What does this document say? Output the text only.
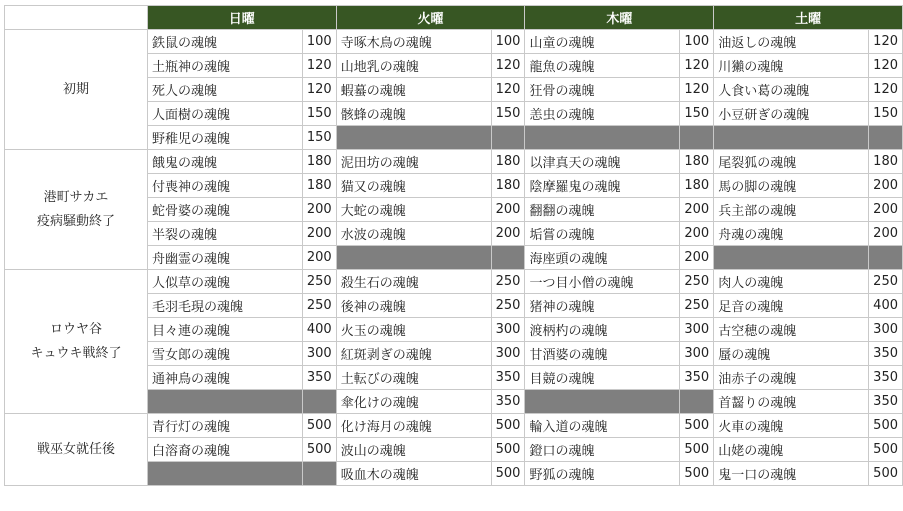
	日曜		火曜		木曜		土曜	

初期	鉄鼠の魂魄	100	寺啄木鳥の魂魄	100	山童の魂魄	100	油返しの魂魄	120
	土瓶神の魂魄	120	山地乳の魂魄	120	龍魚の魂魄	120	川獺の魂魄	120
	死人の魂魄	120	蝦蟇の魂魄	120	狂骨の魂魄	120	人食い葛の魂魄	120
	人面樹の魂魄	150	骸蜂の魂魄	150	恙虫の魂魄	150	小豆研ぎの魂魄	150
	野稚児の魂魄	150						

港町サカエ
疫病騒動終了	餓鬼の魂魄	180	泥田坊の魂魄	180	以津真天の魂魄	180	尾裂狐の魂魄	180
	付喪神の魂魄	180	猫又の魂魄	180	陰摩羅鬼の魂魄	180	馬の脚の魂魄	200
	蛇骨婆の魂魄	200	大蛇の魂魄	200	翻翻の魂魄	200	兵主部の魂魄	200
	半裂の魂魄	200	水波の魂魄	200	垢嘗の魂魄	200	舟魂の魂魄	200
	舟幽霊の魂魄	200			海座頭の魂魄	200		

ロウヤ谷
キュウキ戦終了	人似草の魂魄	250	殺生石の魂魄	250	一つ目小僧の魂魄	250	肉人の魂魄	250
	毛羽毛現の魂魄	250	後神の魂魄	250	猪神の魂魄	250	足音の魂魄	400
	目々連の魂魄	400	火玉の魂魄	300	渡柄杓の魂魄	300	古空穂の魂魄	300
	雪女郎の魂魄	300	紅斑剥ぎの魂魄	300	甘酒婆の魂魄	300	蜃の魂魄	350
	通神鳥の魂魄	350	土転びの魂魄	350	目競の魂魄	350	油赤子の魂魄	350
			傘化けの魂魄	350			首齧りの魂魄	350

戦巫女就任後	青行灯の魂魄	500	化け海月の魂魄	500	輪入道の魂魄	500	火車の魂魄	500
	白溶裔の魂魄	500	波山の魂魄	500	鐙口の魂魄	500	山姥の魂魄	500
			吸血木の魂魄	500	野狐の魂魄	500	鬼一口の魂魄	500
